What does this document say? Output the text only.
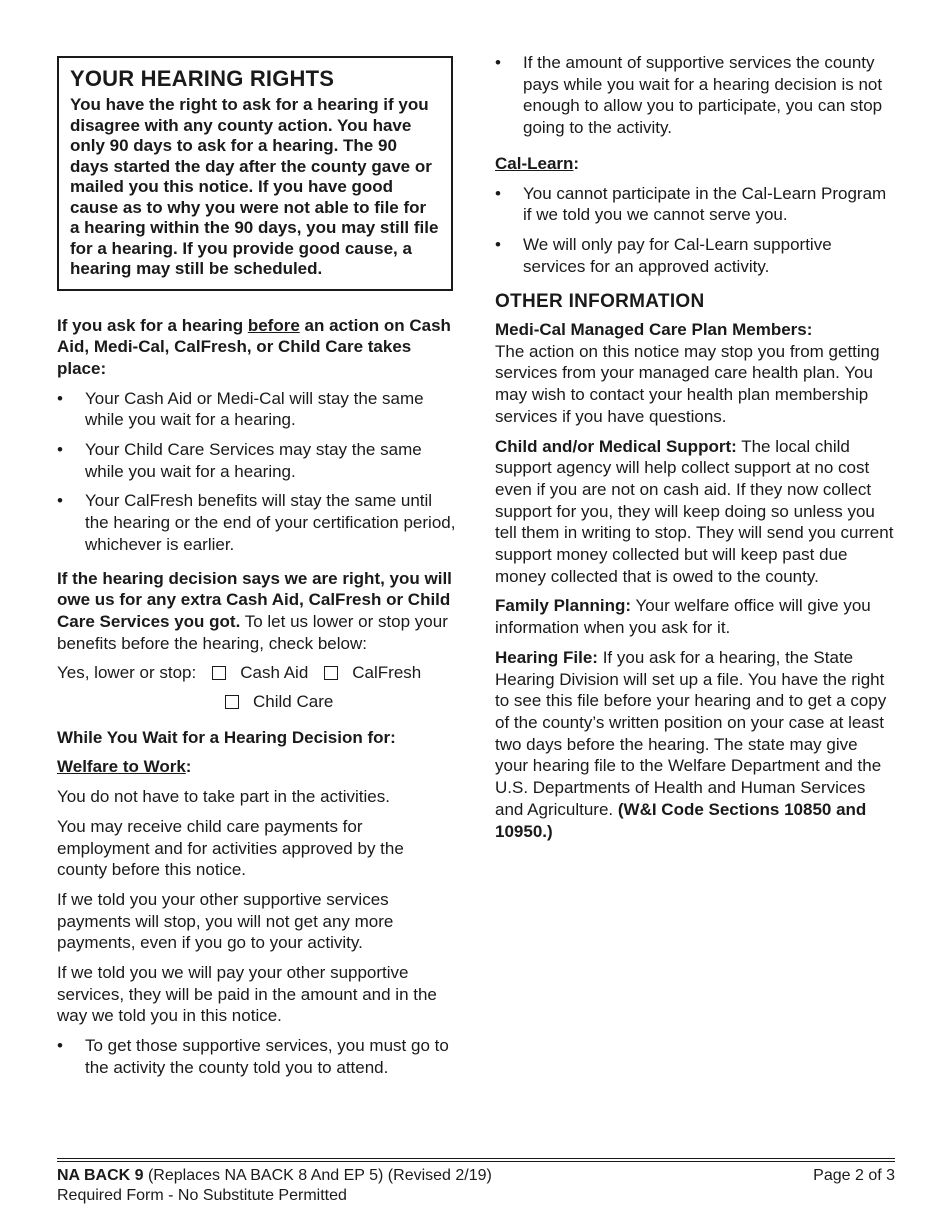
YOUR HEARING RIGHTS
You have the right to ask for a hearing if you disagree with any county action. You have only 90 days to ask for a hearing. The 90 days started the day after the county gave or mailed you this notice. If you have good cause as to why you were not able to file for a hearing within the 90 days, you may still file for a hearing. If you provide good cause, a hearing may still be scheduled.

If you ask for a hearing before an action on Cash Aid, Medi-Cal, CalFresh, or Child Care takes place:

• Your Cash Aid or Medi-Cal will stay the same while you wait for a hearing.
• Your Child Care Services may stay the same while you wait for a hearing.
• Your CalFresh benefits will stay the same until the hearing or the end of your certification period, whichever is earlier.

If the hearing decision says we are right, you will owe us for any extra Cash Aid, CalFresh or Child Care Services you got. To let us lower or stop your benefits before the hearing, check below:

Yes, lower or stop:	Cash Aid	CalFresh
Child Care

While You Wait for a Hearing Decision for:

Welfare to Work:

You do not have to take part in the activities.

You may receive child care payments for employment and for activities approved by the county before this notice.

If we told you your other supportive services payments will stop, you will not get any more payments, even if you go to your activity.

If we told you we will pay your other supportive services, they will be paid in the amount and in the way we told you in this notice.

• To get those supportive services, you must go to the activity the county told you to attend.
• If the amount of supportive services the county pays while you wait for a hearing decision is not enough to allow you to participate, you can stop going to the activity.

Cal-Learn:

• You cannot participate in the Cal-Learn Program if we told you we cannot serve you.
• We will only pay for Cal-Learn supportive services for an approved activity.
OTHER INFORMATION

Medi-Cal Managed Care Plan Members:
The action on this notice may stop you from getting services from your managed care health plan. You may wish to contact your health plan membership services if you have questions.

Child and/or Medical Support: The local child support agency will help collect support at no cost even if you are not on cash aid. If they now collect support for you, they will keep doing so unless you tell them in writing to stop. They will send you current support money collected but will keep past due money collected that is owed to the county.

Family Planning: Your welfare office will give you information when you ask for it.

Hearing File: If you ask for a hearing, the State Hearing Division will set up a file. You have the right to see this file before your hearing and to get a copy of the county’s written position on your case at least two days before the hearing. The state may give your hearing file to the Welfare Department and the U.S. Departments of Health and Human Services and Agriculture. (W&I Code Sections 10850 and 10950.)

NA BACK 9 (Replaces NA BACK 8 And EP 5) (Revised 2/19)	Page 2 of 3
Required Form - No Substitute Permitted
